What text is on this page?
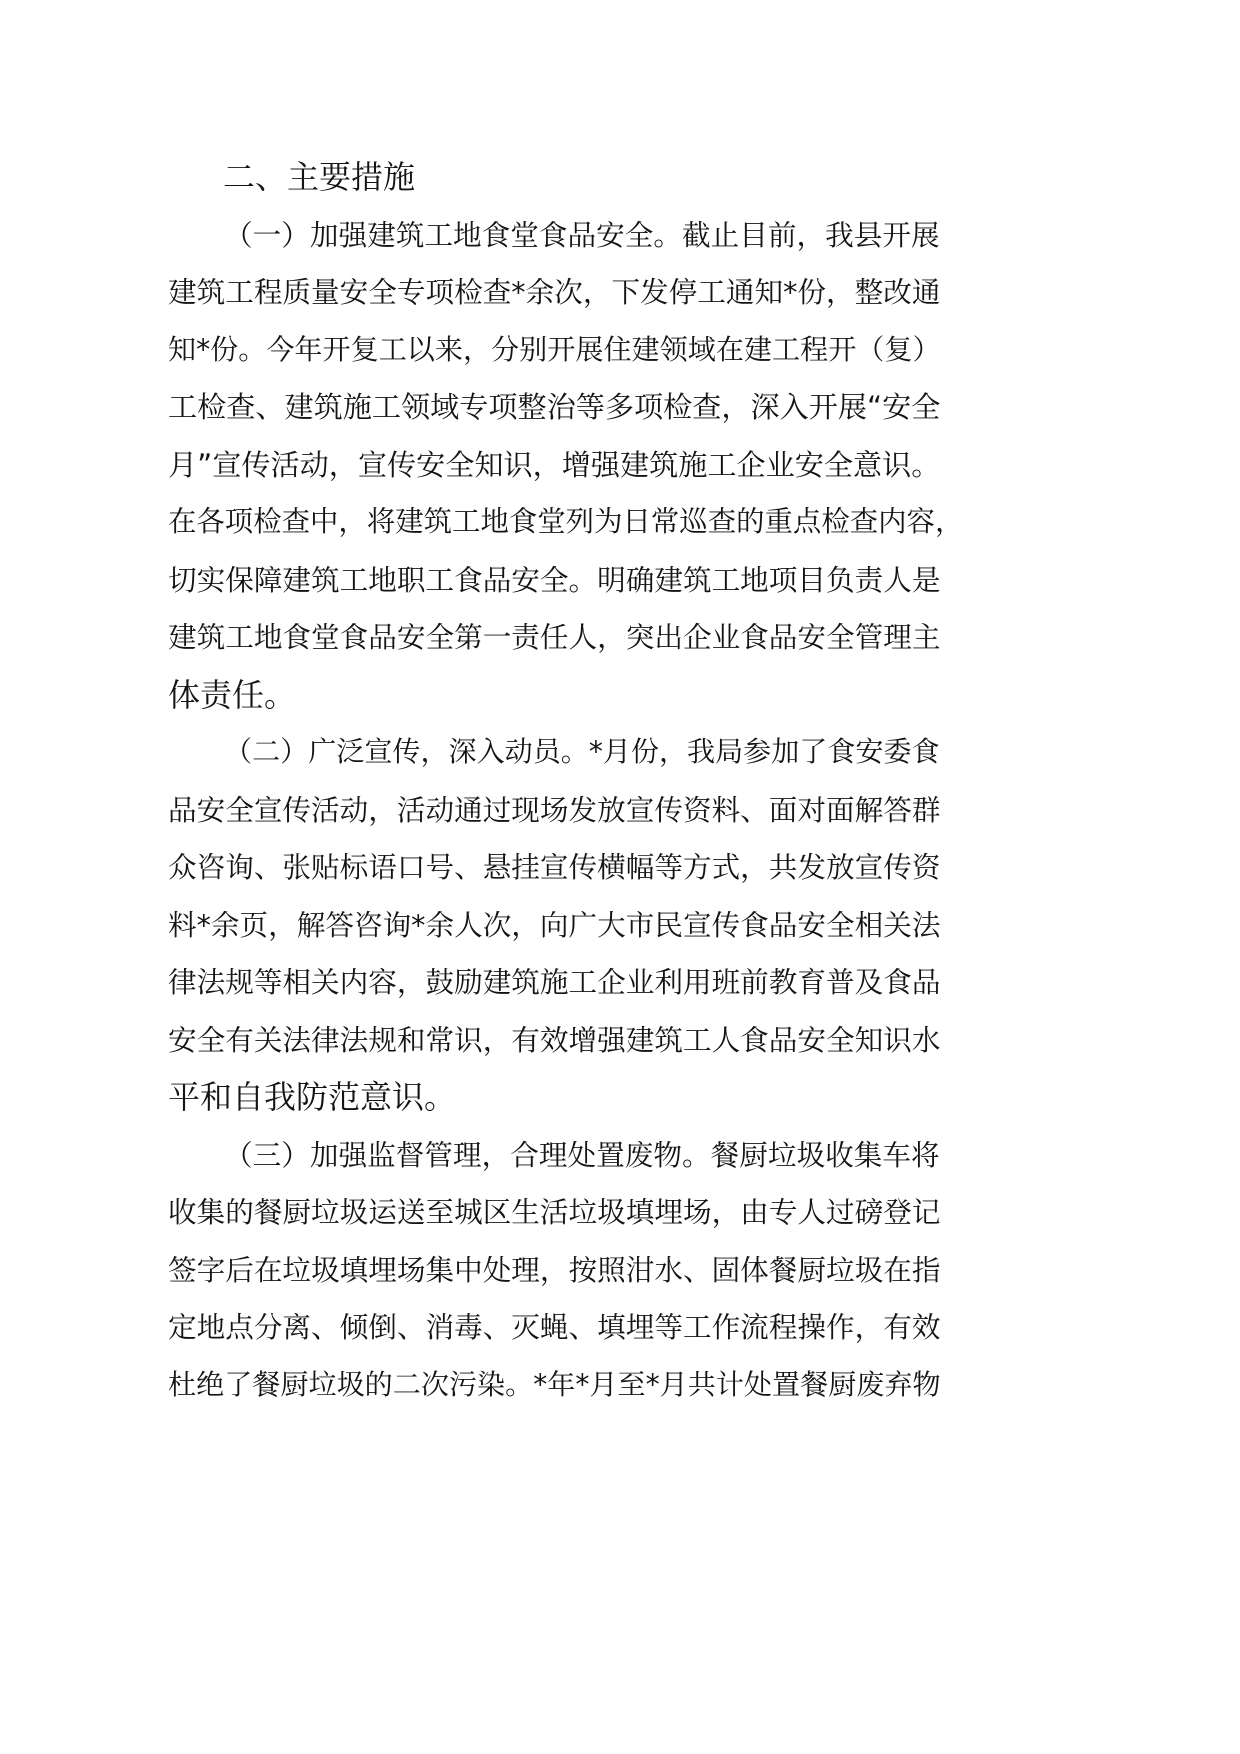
二、主要措施
（一）加强建筑工地食堂食品安全。截止目前，我县开展
建筑工程质量安全专项检查*余次，下发停工通知*份，整改通
知*份。今年开复工以来，分别开展住建领域在建工程开（复）
工检查、建筑施工领域专项整治等多项检查，深入开展“安全
月”宣传活动，宣传安全知识，增强建筑施工企业安全意识。
在各项检查中，将建筑工地食堂列为日常巡查的重点检查内容，
切实保障建筑工地职工食品安全。明确建筑工地项目负责人是
建筑工地食堂食品安全第一责任人，突出企业食品安全管理主
体责任。
（二）广泛宣传，深入动员。*月份，我局参加了食安委食
品安全宣传活动，活动通过现场发放宣传资料、面对面解答群
众咨询、张贴标语口号、悬挂宣传横幅等方式，共发放宣传资
料*余页，解答咨询*余人次，向广大市民宣传食品安全相关法
律法规等相关内容，鼓励建筑施工企业利用班前教育普及食品
安全有关法律法规和常识，有效增强建筑工人食品安全知识水
平和自我防范意识。
（三）加强监督管理，合理处置废物。餐厨垃圾收集车将
收集的餐厨垃圾运送至城区生活垃圾填埋场，由专人过磅登记
签字后在垃圾填埋场集中处理，按照泔水、固体餐厨垃圾在指
定地点分离、倾倒、消毒、灭蝇、填埋等工作流程操作，有效
杜绝了餐厨垃圾的二次污染。*年*月至*月共计处置餐厨废弃物
